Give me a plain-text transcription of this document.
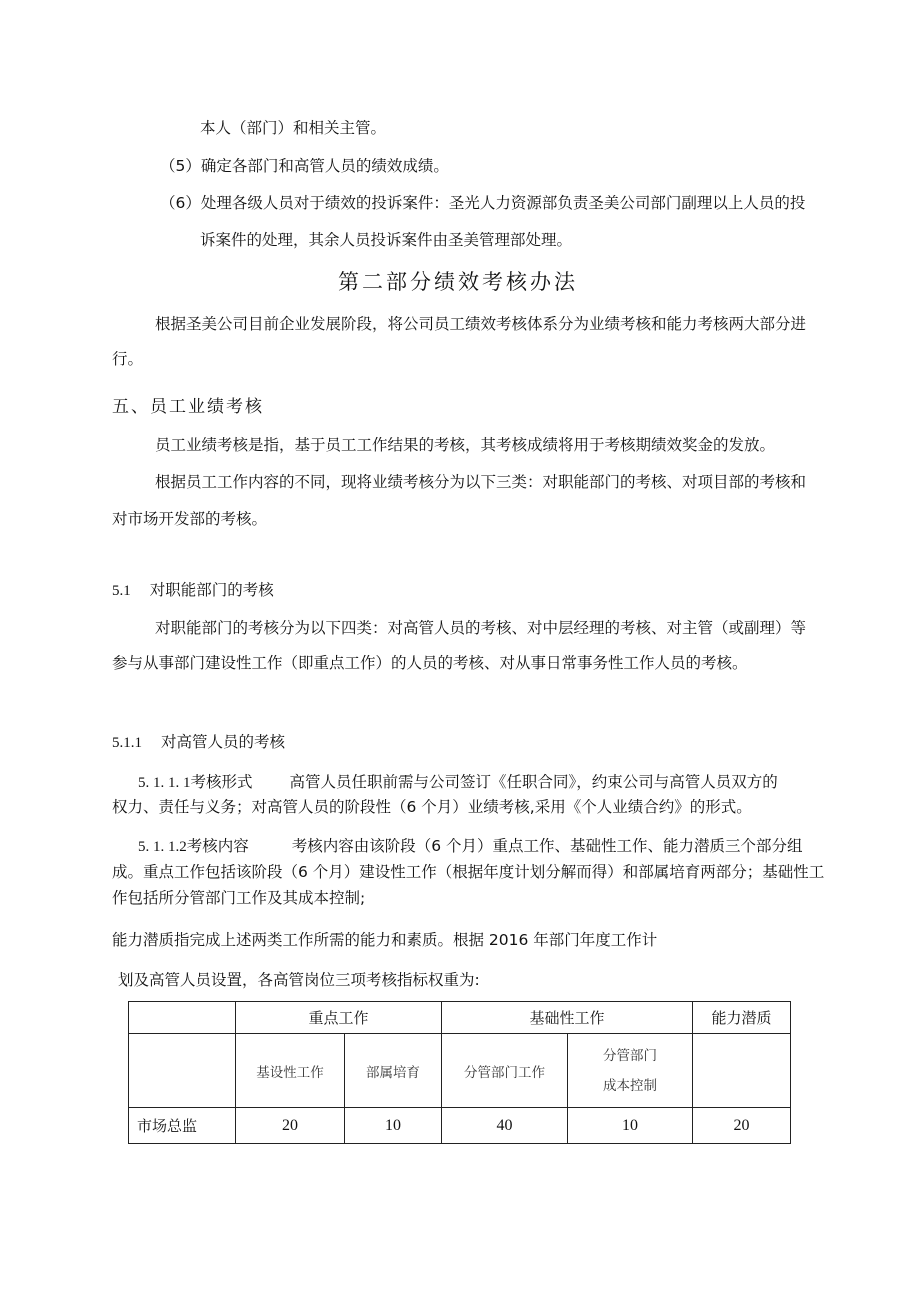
本人（部门）和相关主管。
（5）确定各部门和高管人员的绩效成绩。
（6）处理各级人员对于绩效的投诉案件：圣光人力资源部负责圣美公司部门副理以上人员的投
诉案件的处理，其余人员投诉案件由圣美管理部处理。
第二部分绩效考核办法
根据圣美公司目前企业发展阶段，将公司员工绩效考核体系分为业绩考核和能力考核两大部分进
行。
五、员工业绩考核
员工业绩考核是指，基于员工工作结果的考核，其考核成绩将用于考核期绩效奖金的发放。
根据员工工作内容的不同，现将业绩考核分为以下三类：对职能部门的考核、对项目部的考核和
对市场开发部的考核。
5.1 对职能部门的考核
对职能部门的考核分为以下四类：对高管人员的考核、对中层经理的考核、对主管（或副理）等
参与从事部门建设性工作（即重点工作）的人员的考核、对从事日常事务性工作人员的考核。
5.1.1 对高管人员的考核
5. 1. 1. 1考核形式 高管人员任职前需与公司签订《任职合同》，约束公司与高管人员双方的
权力、责任与义务；对高管人员的阶段性（6 个月）业绩考核,采用《个人业绩合约》的形式。
5. 1. 1.2考核内容	考核内容由该阶段（6 个月）重点工作、基础性工作、能力潜质三个部分组
成。重点工作包括该阶段（6 个月）建设性工作（根据年度计划分解而得）和部属培育两部分；基础性工
作包括所分管部门工作及其成本控制;
能力潜质指完成上述两类工作所需的能力和素质。根据 2016 年部门年度工作计
划及高管人员设置，各高管岗位三项考核指标权重为:
	重点工作		基础性工作		能力潜质
	基设性工作	部属培育	分管部门工作	分管部门
成本控制	

市场总监	20	10	40	10	20
